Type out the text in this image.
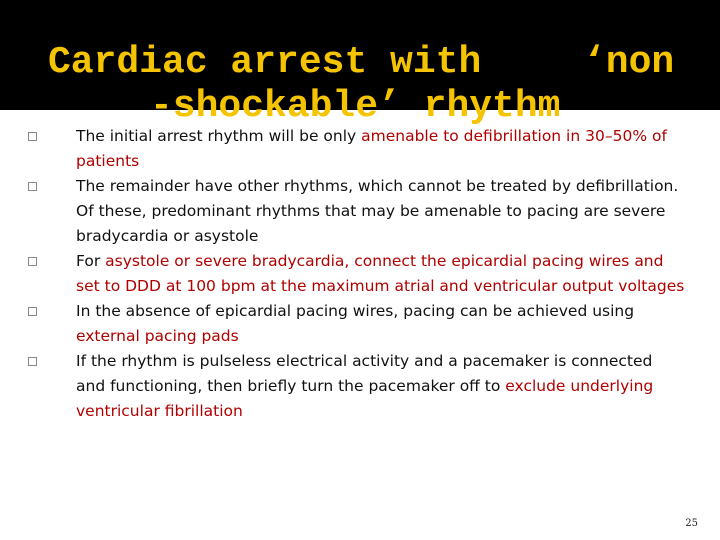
Cardiac arrest with	‘non
-shockable’ rhythm
The initial arrest rhythm will be only amenable to defibrillation in 30–50% of patients
The remainder have other rhythms, which cannot be treated by defibrillation. Of these, predominant rhythms that may be amenable to pacing are severe bradycardia or asystole
For asystole or severe bradycardia, connect the epicardial pacing wires and set to DDD at 100 bpm at the maximum atrial and ventricular output voltages
In the absence of epicardial pacing wires, pacing can be achieved using external pacing pads
If the rhythm is pulseless electrical activity and a pacemaker is connected and functioning, then briefly turn the pacemaker off to exclude underlying ventricular fibrillation
25
